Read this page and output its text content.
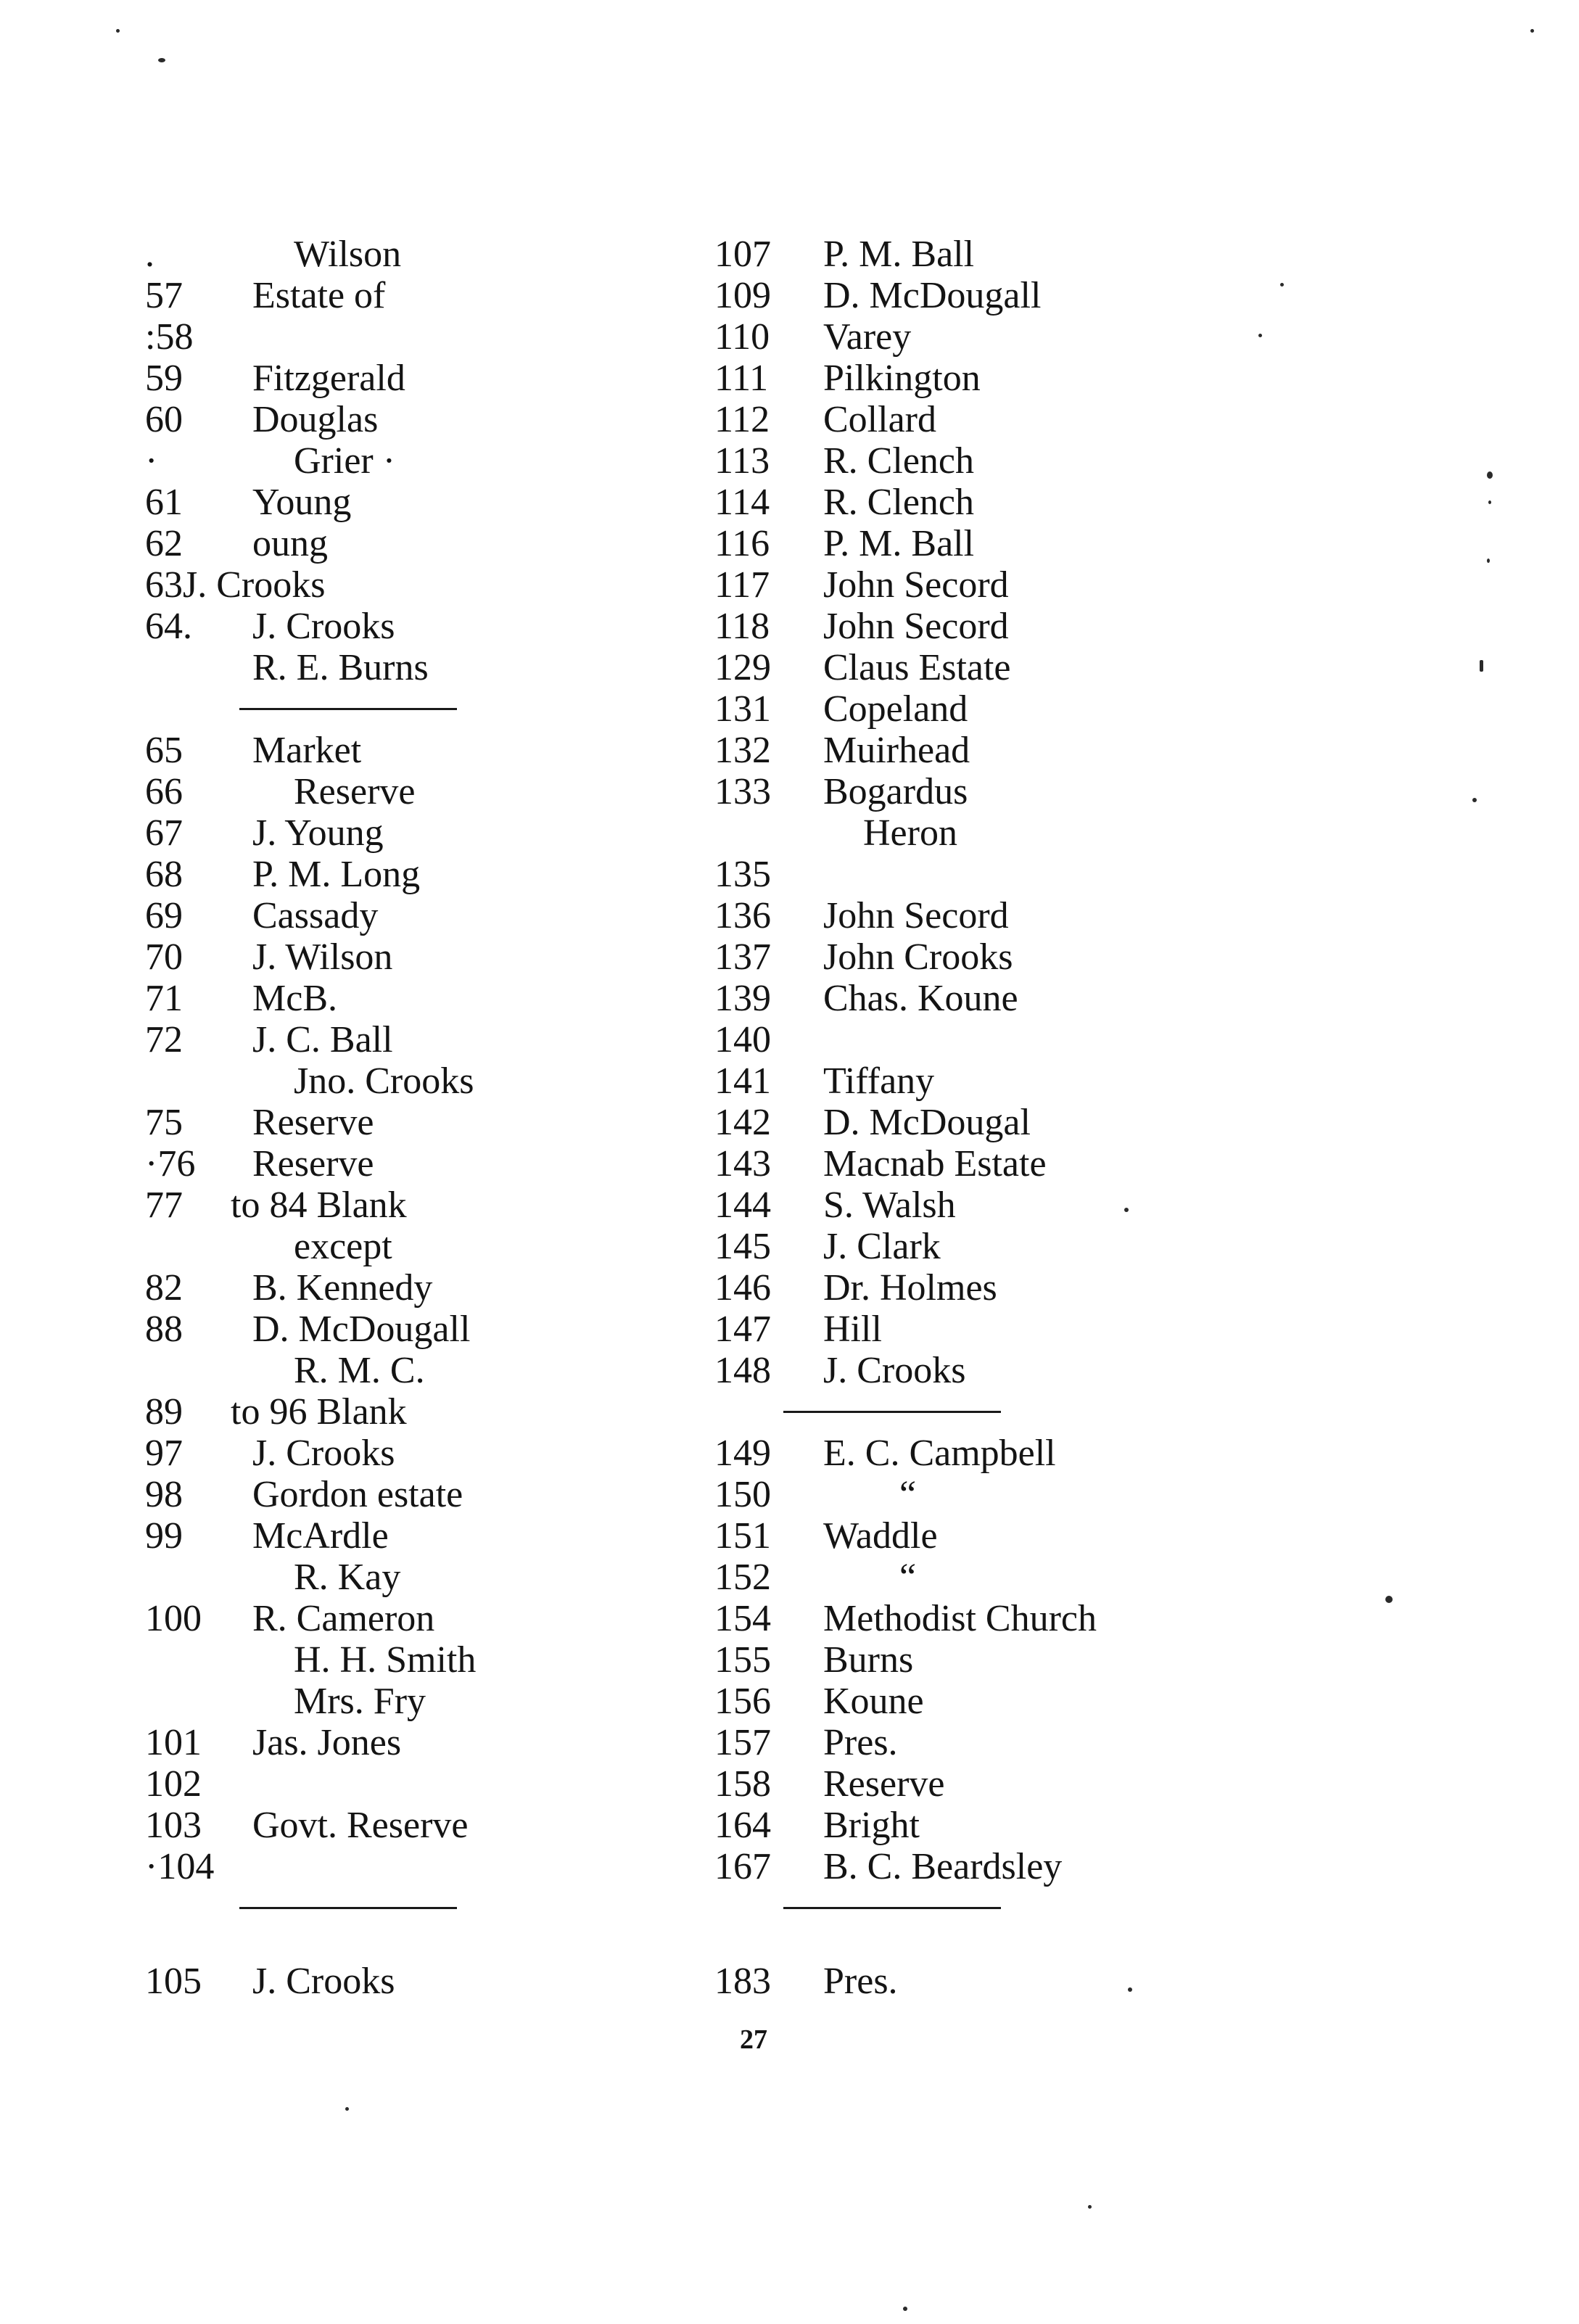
.	Wilson
57 Estate of
:58
59 Fitzgerald
60 Douglas
·	Grier ·
61 Young
62 oung
63J. Crooks
64. J. Crooks
R. E. Burns
65 Market
66	Reserve
67 J. Young
68 P. M. Long
69 Cassady
70 J. Wilson
71 McB.
72 J. C. Ball
Jno. Crooks
75 Reserve
·76 Reserve
77 to 84 Blank
except
82 B. Kennedy
88 D. McDougall
R. M. C.
89 to 96 Blank
97 J. Crooks
98 Gordon estate
99 McArdle
R. Kay
100 R. Cameron
H. H. Smith
Mrs. Fry
101 Jas. Jones
102
103 Govt. Reserve
·104
105 J. Crooks
107 P. M. Ball
109 D. McDougall
110 Varey
111 Pilkington
112 Collard
113 R. Clench
114 R. Clench
116 P. M. Ball
117 John Secord
118 John Secord
129 Claus Estate
131 Copeland
132 Muirhead
133 Bogardus
Heron
135
136 John Secord
137 John Crooks
139 Chas. Koune
140
141 Tiffany
142 D. McDougal
143 Macnab Estate
144 S. Walsh
145 J. Clark
146 Dr. Holmes
147 Hill
148 J. Crooks
149 E. C. Campbell
150	“
151 Waddle
152	“
154 Methodist Church
155 Burns
156 Koune
157 Pres.
158 Reserve
164 Bright
167 B. C. Beardsley
183 Pres.
27
